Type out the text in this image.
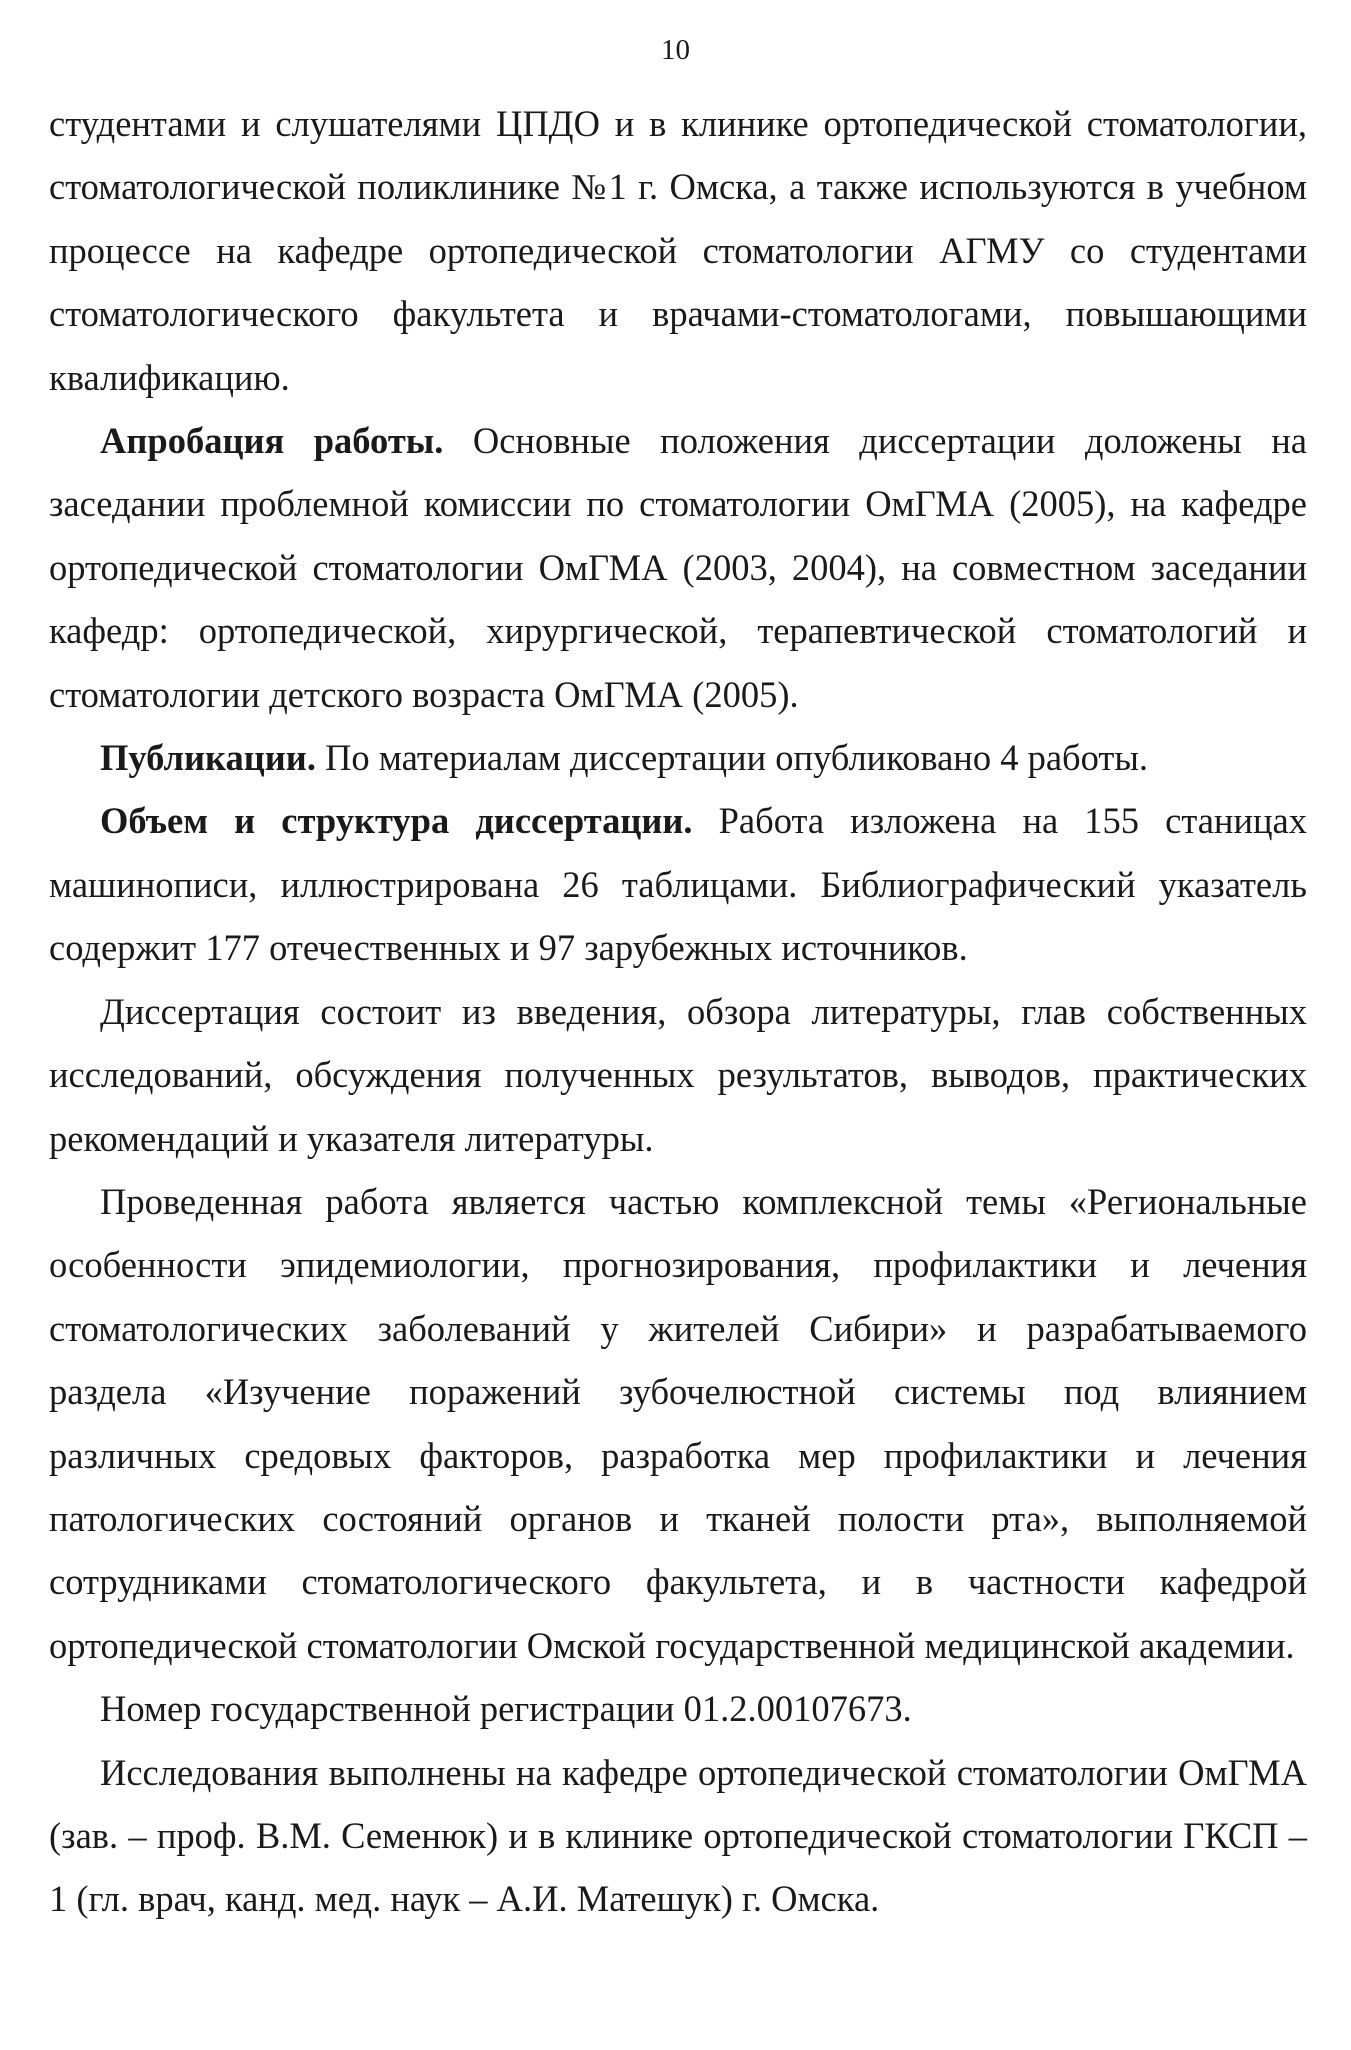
10

студентами и слушателями ЦПДО и в клинике ортопедической стоматологии, стоматологической поликлинике №1 г. Омска, а также используются в учебном процессе на кафедре ортопедической стоматологии АГМУ со студентами стоматологического факультета и врачами-стоматологами, повышающими квалификацию.

Апробация работы. Основные положения диссертации доложены на заседании проблемной комиссии по стоматологии ОмГМА (2005), на кафедре ортопедической стоматологии ОмГМА (2003, 2004), на совместном заседании кафедр: ортопедической, хирургической, терапевтической стоматологий и стоматологии детского возраста ОмГМА (2005).

Публикации. По материалам диссертации опубликовано 4 работы.

Объем и структура диссертации. Работа изложена на 155 станицах машинописи, иллюстрирована 26 таблицами. Библиографический указатель содержит 177 отечественных и 97 зарубежных источников.

Диссертация состоит из введения, обзора литературы, глав собственных исследований, обсуждения полученных результатов, выводов, практических рекомендаций и указателя литературы.

Проведенная работа является частью комплексной темы «Региональные особенности эпидемиологии, прогнозирования, профилактики и лечения стоматологических заболеваний у жителей Сибири» и разрабатываемого раздела «Изучение поражений зубочелюстной системы под влиянием различных средовых факторов, разработка мер профилактики и лечения патологических состояний органов и тканей полости рта», выполняемой сотрудниками стоматологического факультета, и в частности кафедрой ортопедической стоматологии Омской государственной медицинской академии.

Номер государственной регистрации 01.2.00107673.

Исследования выполнены на кафедре ортопедической стоматологии ОмГМА (зав. – проф. В.М. Семенюк) и в клинике ортопедической стоматологии ГКСП – 1 (гл. врач, канд. мед. наук – А.И. Матешук) г. Омска.
